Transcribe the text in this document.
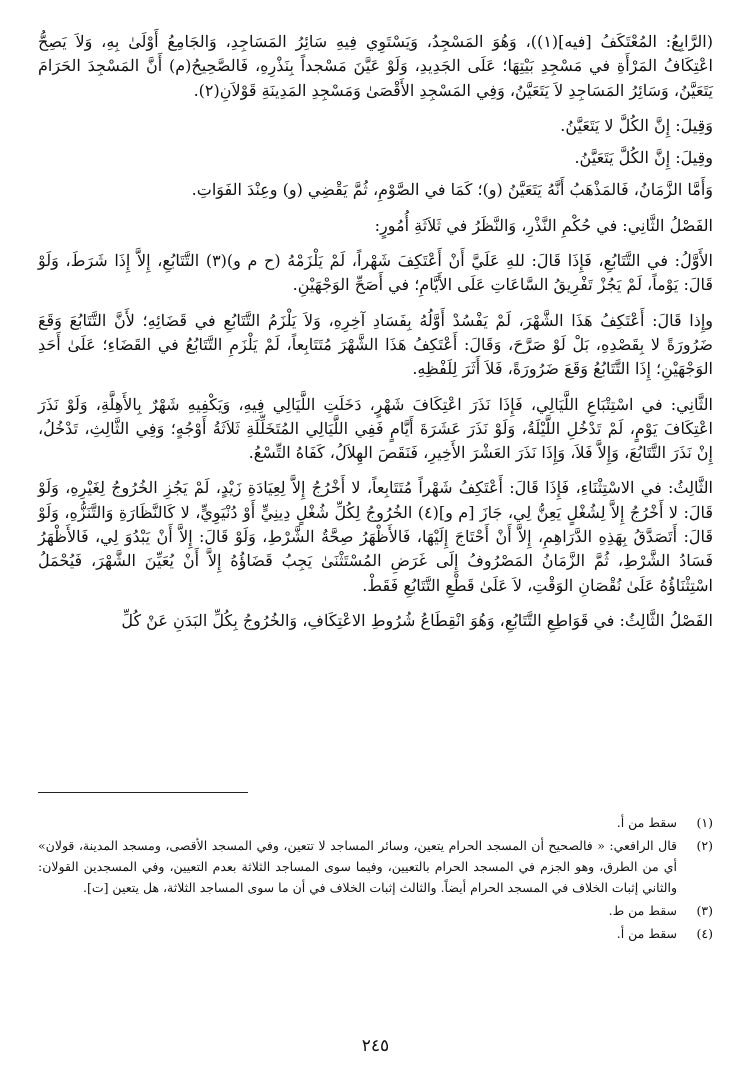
(الرَّابِعُ: المُعْتَكَفُ [فيه](١))، وَهُوَ المَسْجِدُ، وَيَسْتَوِي فِيهِ سَائِرُ المَسَاجِدِ، وَالجَامِعُ أَوْلَىٰ بِهِ، وَلاَ يَصِحُّ اعْتِكَافُ المَرْأَةِ في مَسْجِدِ بَيْتِهَا؛ عَلَى الجَدِيدِ، وَلَوْ عَيَّنَ مَسْجداً بِنَذْرِهِ، فَالصَّحِيحُ(م) أَنَّ المَسْجِدَ الحَرَامَ يَتَعَيَّنُ، وَسَائِرُ المَسَاجِدِ لاَ يَتَعَيَّنُ، وَفِي المَسْجِدِ الأَقْصَىٰ وَمَسْجِدِ المَدِينَةِ قَوْلاَنِ(٢).

وَقِيلَ: إِنَّ الكُلَّ لا يَتَعَيَّنُ.

وقِيلَ: إِنَّ الكُلَّ يَتَعَيَّنُ.

وَأَمَّا الزَّمَانُ، فَالمَذْهَبُ أَنَّهُ يَتَعَيَّنُ (و)؛ كَمَا في الصَّوْمِ، ثُمَّ يَقْضِي (و) وعِنْدَ الفَوَاتِ.

الفَصْلُ الثَّانِي: في حُكْمِ النَّذْرِ، وَالنَّظَرُ في ثَلاَثَةِ أُمُورٍ:

الأَوَّلُ: في التَّتَابُعِ، فَإِذَا قَالَ: للهِ عَلَيَّ أَنْ أَعْتَكِفَ شَهْراً، لَمْ يَلْزَمْهُ (ح م و)(٣) التَّتَابُعِ، إِلاَّ إِذَا شَرَطَ، وَلَوْ قَالَ: يَوْماً، لَمْ يَجُزْ تَفْرِيقُ السَّاعَاتِ عَلَى الأَيَّامِ؛ في أَصَحِّ الوَجْهَيْنِ.

وإِذا قَالَ: أَعْتَكِفُ هَذَا الشَّهْرَ، لَمْ يَفْسُدْ أَوَّلُهُ بِفَسَادِ آخِرِهِ، وَلاَ يَلْزَمُ التَّتَابُعِ في قَضَائِهِ؛ لأَنَّ التَّتَابُعَ وَقَعَ ضَرُورَةً لا بِقَصْدِهِ، بَلْ لَوْ صَرَّحَ، وَقَالَ: أَعْتَكِفُ هَذَا الشَّهْرَ مُتَتَابِعاً، لَمْ يَلْزَمِ التَّتَابُعُ في القَضَاءِ؛ عَلَىٰ أَحَدِ الوَجْهَيْنِ؛ إِذَا التَّتَابُعُ وَقَعَ ضَرُورَةً، فَلاَ أَثَرَ لِلَفْظِهِ.

الثَّانِي: في اسْتِتْبَاعِ اللَّيَالِي، فَإِذَا نَذَرَ اعْتِكَافَ شَهْرٍ، دَخَلَتِ اللَّيَالِي فِيهِ، وَيَكْفِيهِ شَهْرٌ بِالأَهِلَّةِ، وَلَوْ نَذَرَ اعْتِكَافَ يَوْمٍ، لَمْ تَدْخُلِ اللَّيْلَةُ، وَلَوْ نَذَرَ عَشَرَةَ أَيَّامٍ فَفِي اللَّيَالِي المُتَخَلِّلَةِ ثَلاَثَةُ أَوْجُهٍ؛ وَفِي الثَّالِثِ، تَدْخُلُ، إِنْ نَذَرَ التَّتَابُعَ، وَإِلاَّ فَلاَ، وَإِذَا نَذَرَ العَشْرَ الأَخِيرِ، فَنَقَصَ الهِلاَلُ، كَفَاهُ التِّسْعُ.

الثَّالِثُ: في الاسْتِثْنَاءِ، فَإِذَا قَالَ: أَعْتَكِفُ شَهْراً مُتَتَابِعاً، لا أَخْرُجُ إِلاَّ لِعِيَادَةِ زَيْدٍ، لَمْ يَجُزِ الخُرُوجُ لِغَيْرِهِ، وَلَوْ قَالَ: لا أَخْرُجُ إِلاَّ لِشُغْلٍ يَعِنُّ لِي، جَازَ [م و](٤) الخُرُوجُ لِكُلِّ شُغْلٍ دِينِيٍّ أَوْ دُنْيَوِيٍّ، لا كَالنَّظَارَةِ وَالتَّنَزُّهِ، وَلَوْ قَالَ: أَتَصَدَّقُ بِهَذِهِ الدَّرَاهِمِ، إِلاَّ أَنْ أَحْتَاجَ إِلَيْهَا، فَالأَظْهَرُ صِحَّةُ الشَّرْطِ، وَلَوْ قَالَ: إِلاَّ أَنْ يَبْدُوَ لِي، فَالأَظْهَرُ فَسَادُ الشَّرْطِ، ثُمَّ الزَّمَانُ المَصْرُوفُ إِلَى غَرَضِ المُسْتَثْنَىٰ يَجِبُ قَضَاؤُهُ إِلاَّ أَنْ يُعَيِّنَ الشَّهْرَ، فَيُحْمَلُ اسْتِثْنَاؤُهُ عَلَىٰ نُقْصَانِ الوَقْتِ، لاَ عَلَىٰ قَطْعِ التَّتَابُعِ فَقَطْ.

الفَصْلُ الثَّالِثُ: في قَوَاطِعِ التَّتَابُعِ، وَهُوَ انْقِطَاعُ شُرُوطِ الاعْتِكَافِ، وَالخُرُوجُ بِكُلِّ البَدَنِ عَنْ كُلِّ

(١)
سقط من أ.
(٢)
قال الرافعي: « فالصحيح أن المسجد الحرام يتعين، وسائر المساجد لا تتعين، وفي المسجد الأقصى، ومسجد المدينة، قولان» أي من الطرق، وهو الجزم في المسجد الحرام بالتعيين، وفيما سوى المساجد الثلاثة بعدم التعيين، وفي المسجدين القولان: والثاني إثبات الخلاف في المسجد الحرام أيضاً. والثالث إثبات الخلاف في أن ما سوى المساجد الثلاثة، هل يتعين [ت].
(٣)
سقط من ط.
(٤)
سقط من أ.
٢٤٥
